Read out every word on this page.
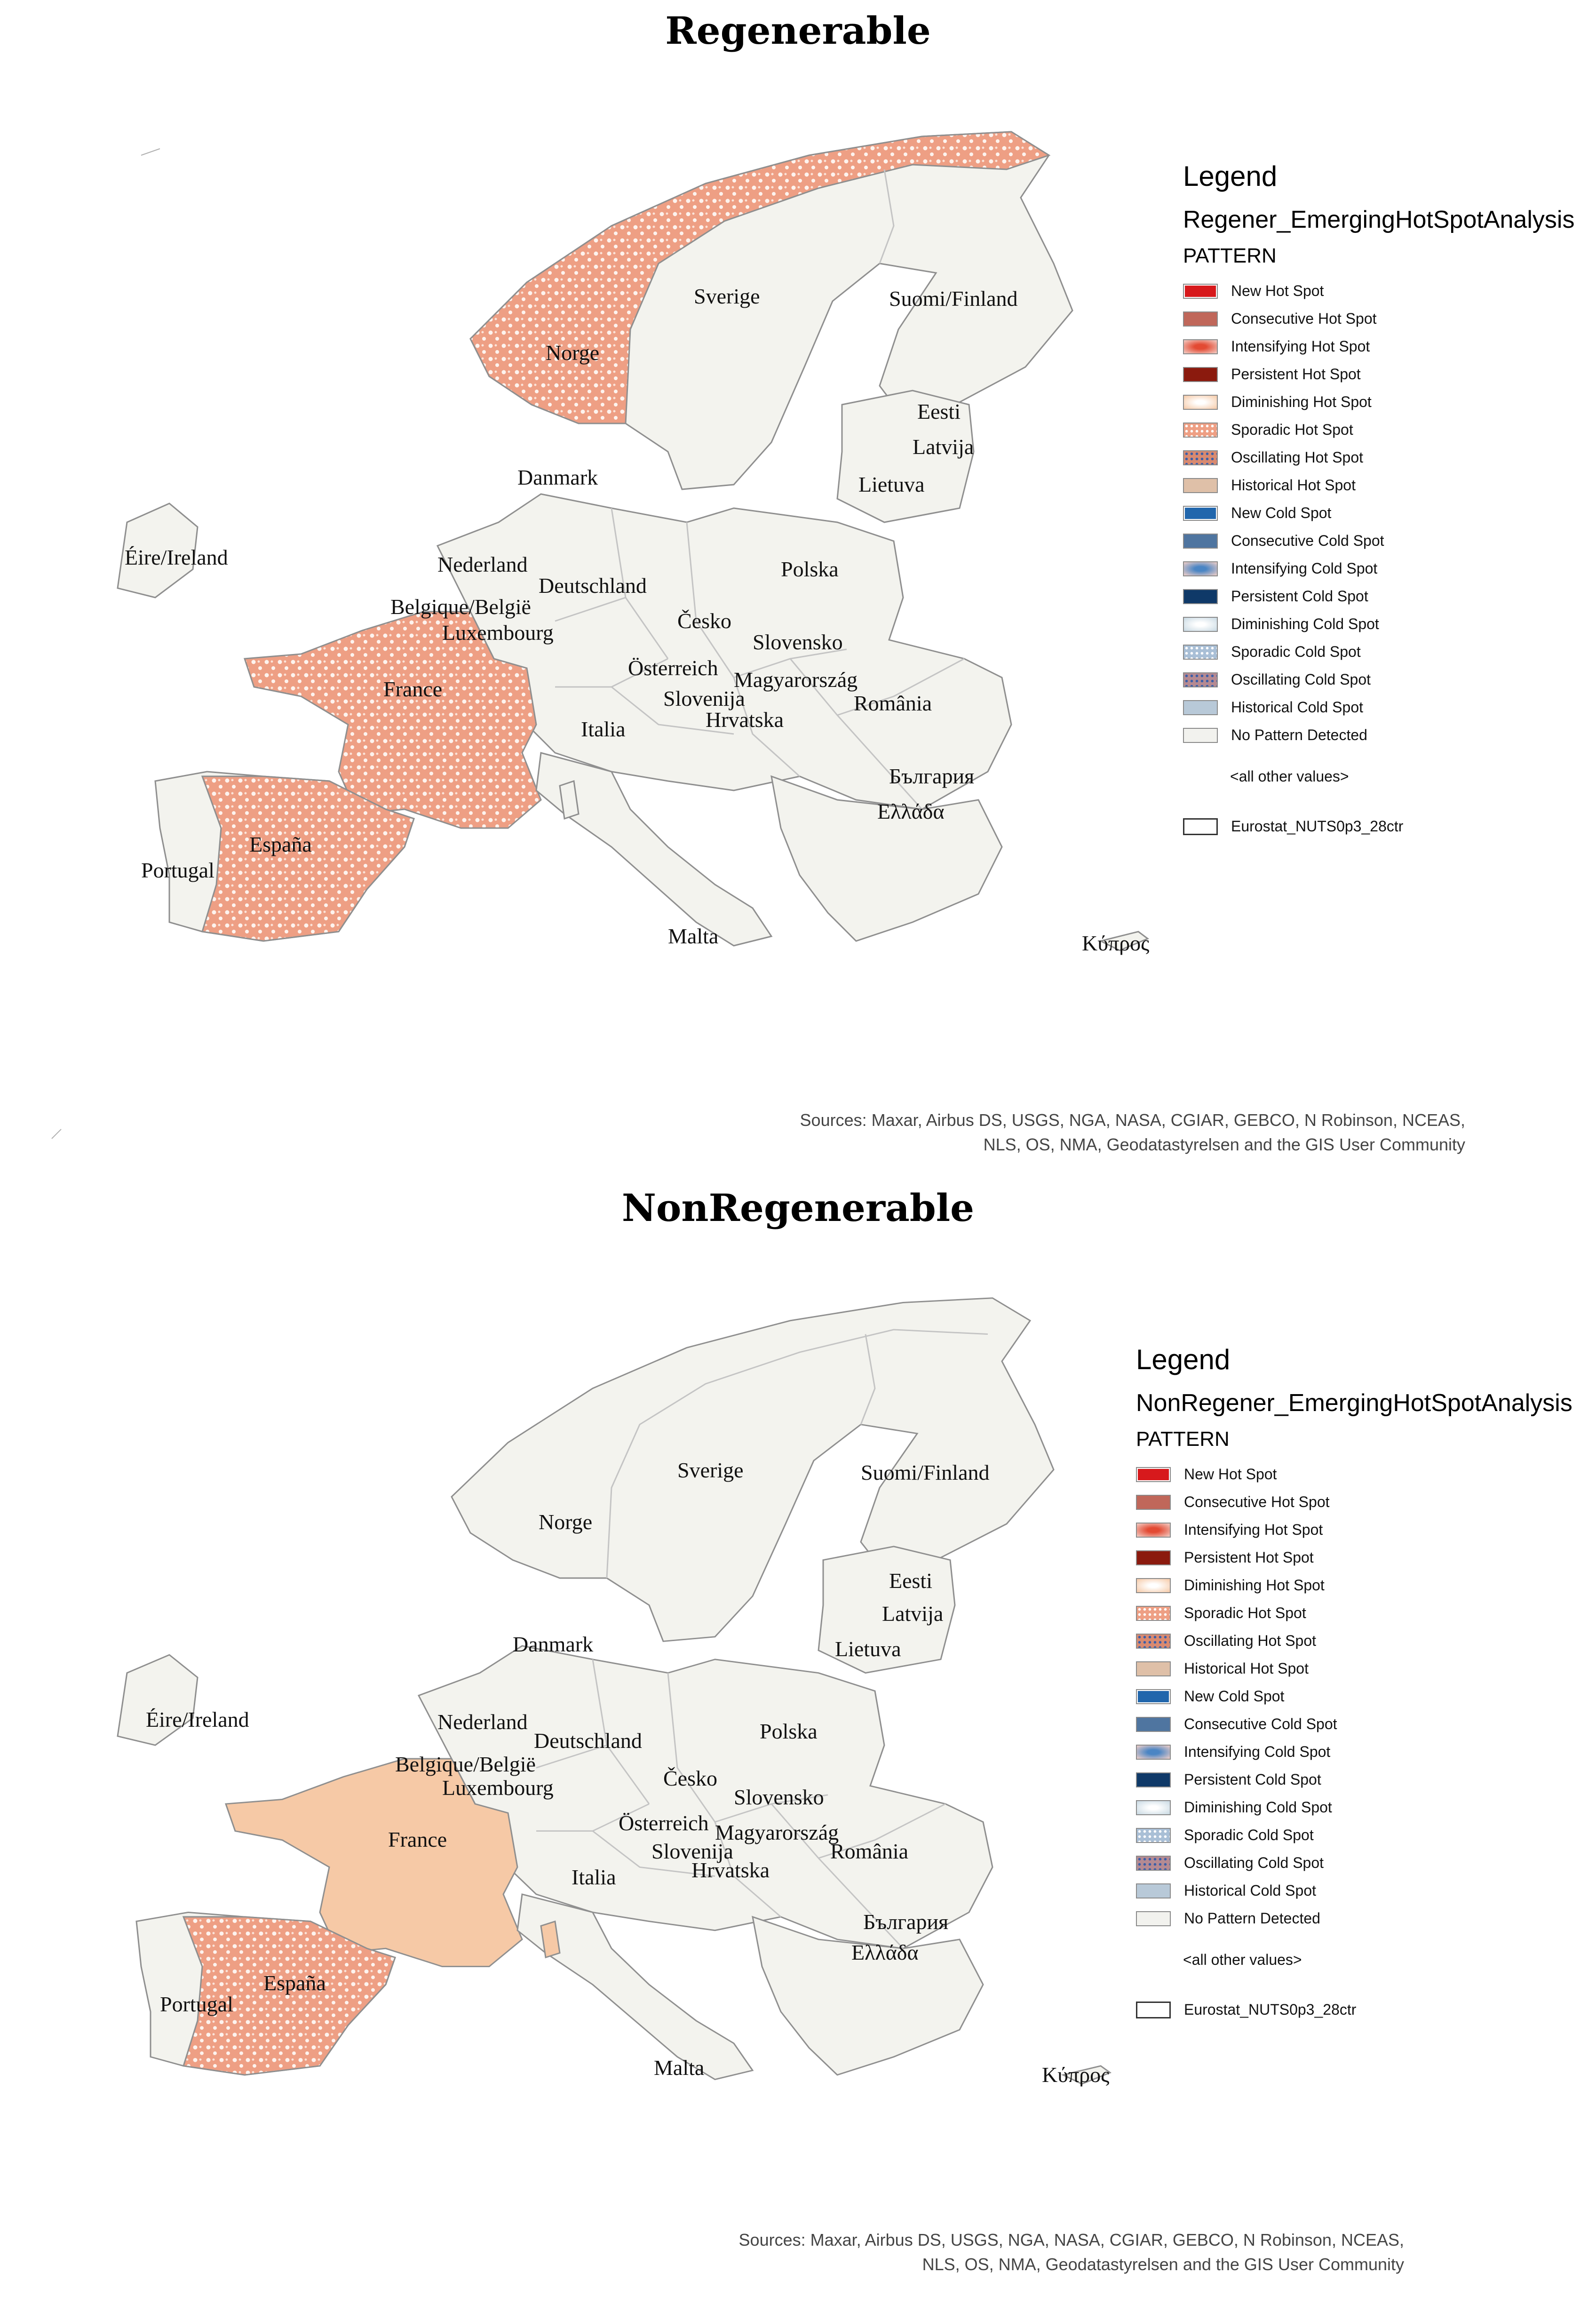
Regenerable
Sverige	Suomi/Finland
Norge
Eesti
Latvija
Lietuva
Danmark
Éire/Ireland	Nederland
Deutschland
Polska
Belgique/België
Luxembourg	Česko
Slovensko
France
Österreich Magyarország
Slovenija
Hrvatska
România
Italia
България
Ελλάδα
España
Portugal
Malta	Κύπρος

Legend

Regener_EmergingHotSpotAnalysis

PATTERN

New Hot Spot
Consecutive Hot Spot
Intensifying Hot Spot
Persistent Hot Spot
Diminishing Hot Spot
Sporadic Hot Spot
Oscillating Hot Spot
Historical Hot Spot
New Cold Spot
Consecutive Cold Spot
Intensifying Cold Spot
Persistent Cold Spot
Diminishing Cold Spot
Sporadic Cold Spot
Oscillating Cold Spot
Historical Cold Spot
No Pattern Detected

<all other values>

Eurostat_NUTS0p3_28ctr
Sources: Maxar, Airbus DS, USGS, NGA, NASA, CGIAR, GEBCO, N Robinson, NCEAS,
NLS, OS, NMA, Geodatastyrelsen and the GIS User Community
NonRegenerable
Sverige	Suomi/Finland
Norge
Eesti
Latvija
Lietuva
Danmark
Éire/Ireland	Nederland
Deutschland	Polska
Belgique/België
Luxembourg	Česko
Slovensko
France
Österreich Magyarország
Slovenija
Hrvatska
România
Italia
България
Ελλάδα
España
Portugal
Malta	Κύπρος

Legend

NonRegener_EmergingHotSpotAnalysis

PATTERN

New Hot Spot
Consecutive Hot Spot
Intensifying Hot Spot
Persistent Hot Spot
Diminishing Hot Spot
Sporadic Hot Spot
Oscillating Hot Spot
Historical Hot Spot
New Cold Spot
Consecutive Cold Spot
Intensifying Cold Spot
Persistent Cold Spot
Diminishing Cold Spot
Sporadic Cold Spot
Oscillating Cold Spot
Historical Cold Spot
No Pattern Detected

<all other values>

Eurostat_NUTS0p3_28ctr
Sources: Maxar, Airbus DS, USGS, NGA, NASA, CGIAR, GEBCO, N Robinson, NCEAS,
NLS, OS, NMA, Geodatastyrelsen and the GIS User Community
